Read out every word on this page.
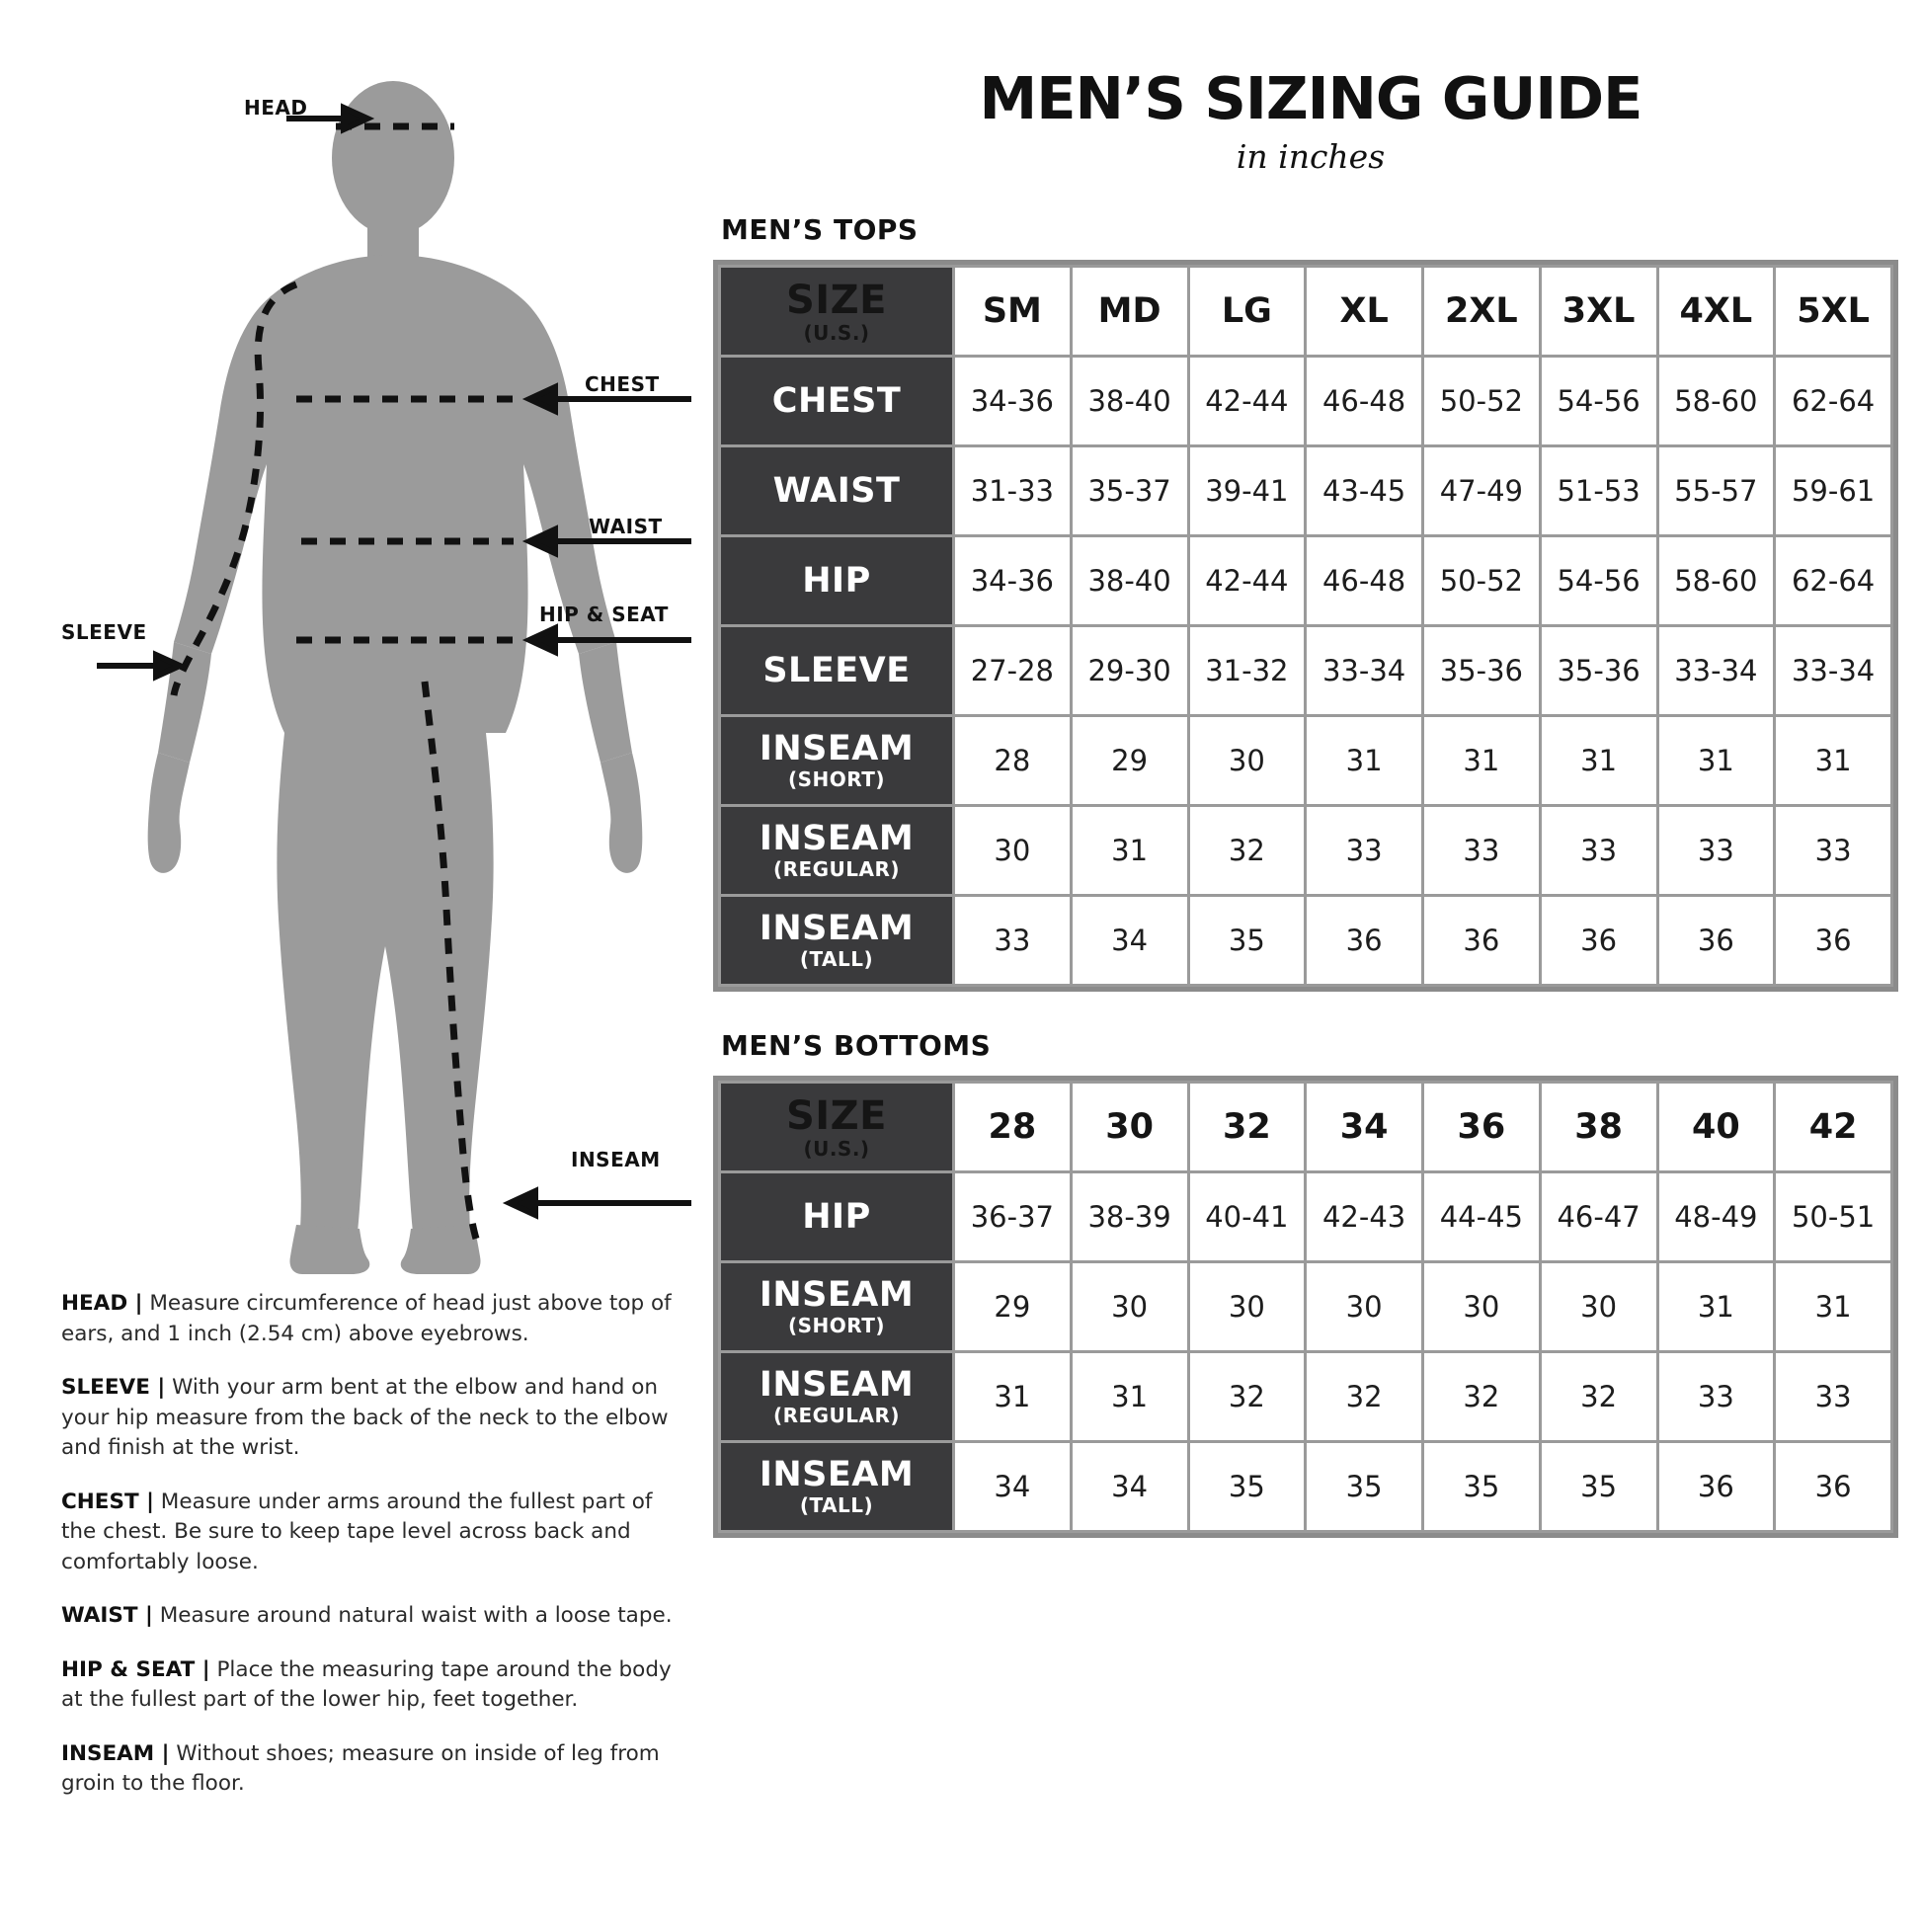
HEAD
CHEST
WAIST
HIP & SEAT
SLEEVE
INSEAM
HEAD | Measure circumference of head just above top of ears, and 1 inch (2.54 cm) above eyebrows.
SLEEVE | With your arm bent at the elbow and hand on your hip measure from the back of the neck to the elbow and finish at the wrist.
CHEST | Measure under arms around the fullest part of the chest. Be sure to keep tape level across back and comfortably loose.
WAIST | Measure around natural waist with a loose tape.
HIP & SEAT | Place the measuring tape around the body at the fullest part of the lower hip, feet together.
INSEAM | Without shoes; measure on inside of leg from groin to the floor.
MEN’S SIZING GUIDE
in inches
MEN’S TOPS
SIZE
(U.S.)	SM	MD	LG	XL	2XL	3XL	4XL	5XL
CHEST	34-36	38-40	42-44	46-48	50-52	54-56	58-60	62-64
WAIST	31-33	35-37	39-41	43-45	47-49	51-53	55-57	59-61
HIP	34-36	38-40	42-44	46-48	50-52	54-56	58-60	62-64
SLEEVE	27-28	29-30	31-32	33-34	35-36	35-36	33-34	33-34
INSEAM
(SHORT)	28	29	30	31	31	31	31	31
INSEAM
(REGULAR)	30	31	32	33	33	33	33	33
INSEAM
(TALL)	33	34	35	36	36	36	36	36
MEN’S BOTTOMS
SIZE
(U.S.)	28	30	32	34	36	38	40	42
HIP	36-37	38-39	40-41	42-43	44-45	46-47	48-49	50-51
INSEAM
(SHORT)	29	30	30	30	30	30	31	31
INSEAM
(REGULAR)	31	31	32	32	32	32	33	33
INSEAM
(TALL)	34	34	35	35	35	35	36	36
